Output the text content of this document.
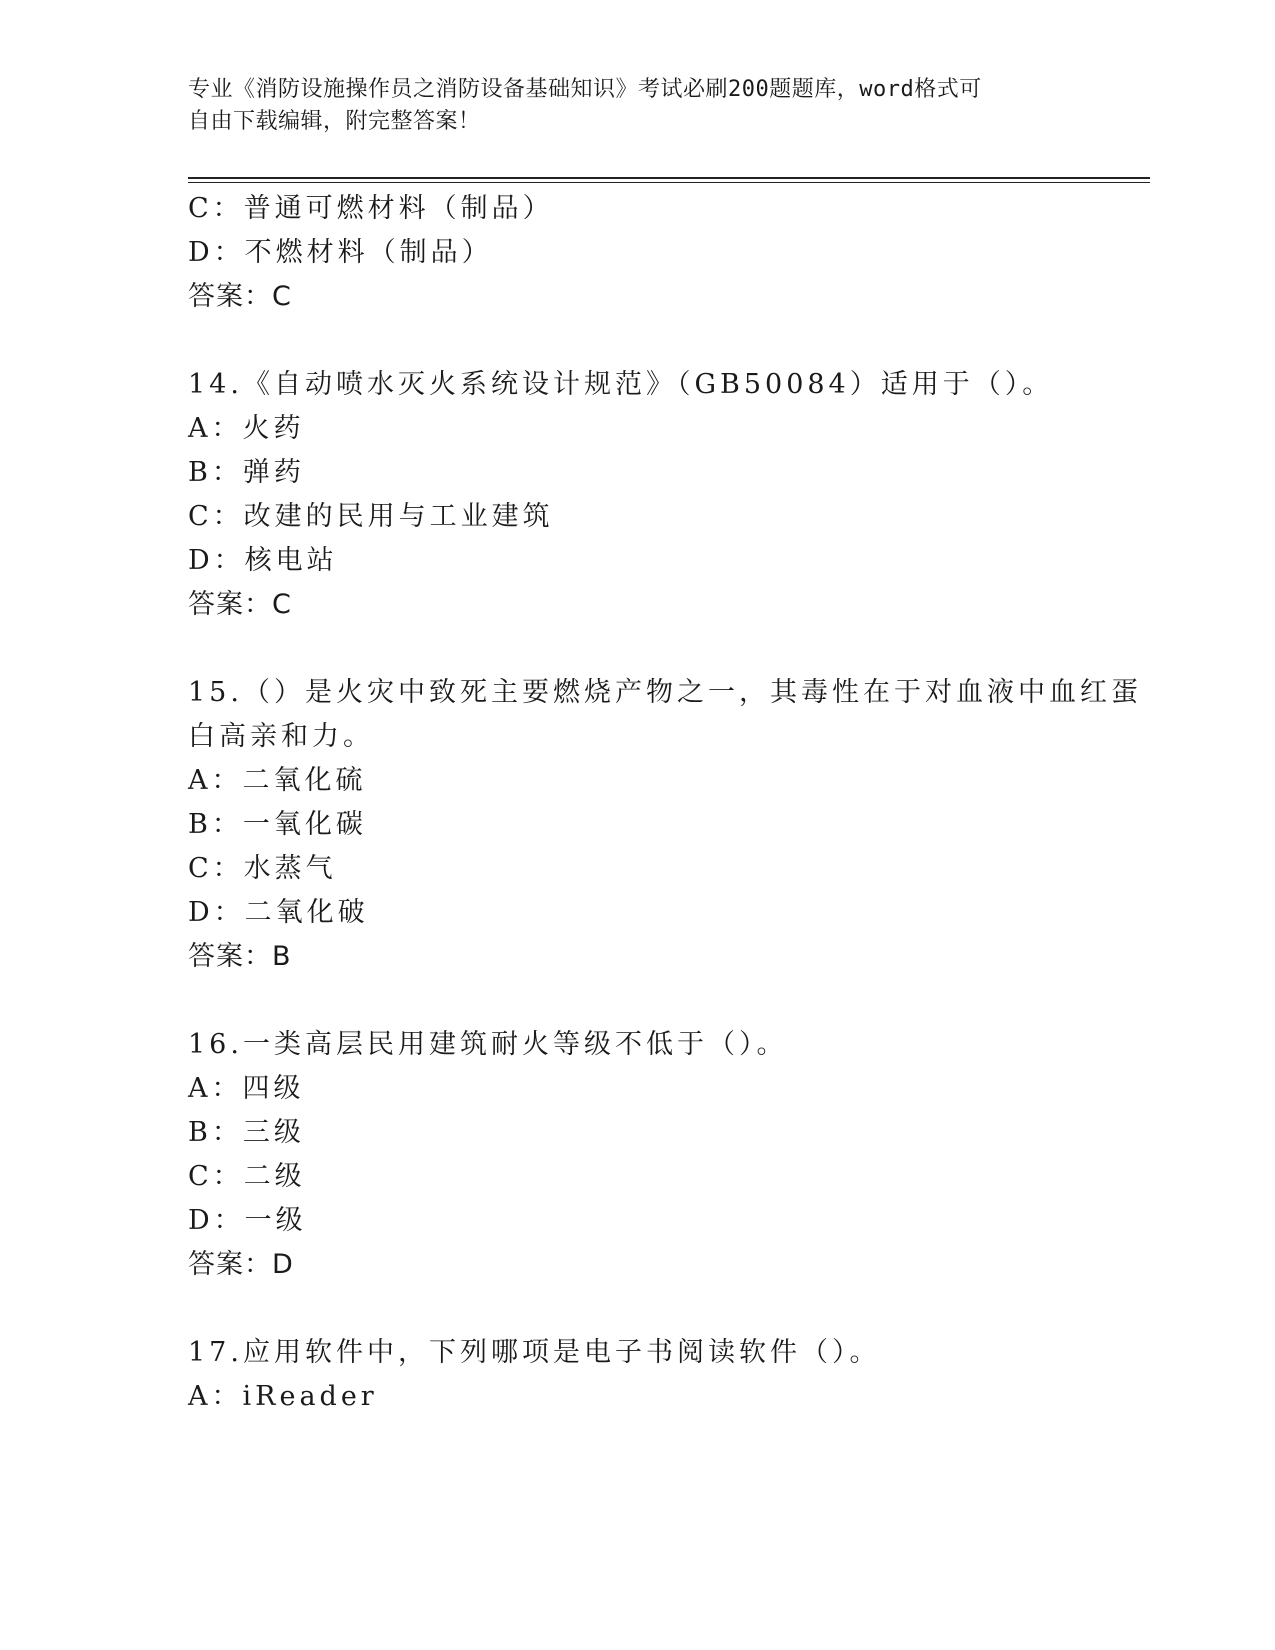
专业《消防设施操作员之消防设备基础知识》考试必刷200题题库，word格式可
自由下载编辑，附完整答案！
C：普通可燃材料（制品）
D：不燃材料（制品）
答案：C
14.《自动喷水灭火系统设计规范》（GB50084）适用于（）。
A：火药
B：弹药
C：改建的民用与工业建筑
D：核电站
答案：C
15.（）是火灾中致死主要燃烧产物之一，其毒性在于对血液中血红蛋
白高亲和力。
A：二氧化硫
B：一氧化碳
C：水蒸气
D：二氧化破
答案：B
16.一类高层民用建筑耐火等级不低于（）。
A：四级
B：三级
C：二级
D：一级
答案：D
17.应用软件中，下列哪项是电子书阅读软件（）。
A：iReader
